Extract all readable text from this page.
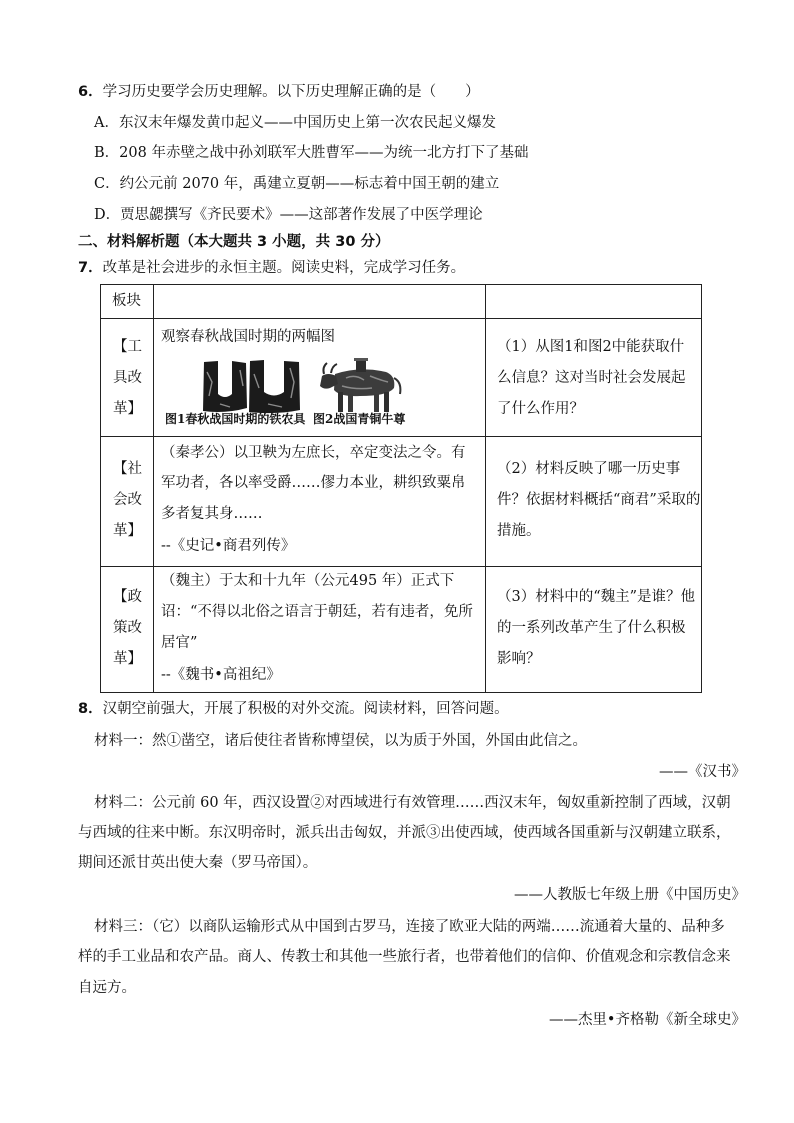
6．学习历史要学会历史理解。以下历史理解正确的是（　　）
A．东汉末年爆发黄巾起义——中国历史上第一次农民起义爆发
B．208 年赤壁之战中孙刘联军大胜曹军——为统一北方打下了基础
C．约公元前 2070 年，禹建立夏朝——标志着中国王朝的建立
D．贾思勰撰写《齐民要术》——这部著作发展了中医学理论
二、材料解析题（本大题共 3 小题，共 30 分）
7．改革是社会进步的永恒主题。阅读史料，完成学习任务。
板块
【工
具改
革】
观察春秋战国时期的两幅图
图1春秋战国时期的铁农具 图2战国青铜牛尊
（1）从图1和图2中能获取什
么信息？这对当时社会发展起
了什么作用？
【社
会改
革】
（秦孝公）以卫鞅为左庶长，卒定变法之令。有
军功者，各以率受爵……僇力本业，耕织致粟帛
多者复其身……
--《史记•商君列传》
（2）材料反映了哪一历史事
件？依据材料概括“商君”采取的
措施。
【政
策改
革】
（魏主）于太和十九年（公元495 年）正式下
诏：“不得以北俗之语言于朝廷，若有违者，免所
居官”
--《魏书•高祖纪》
（3）材料中的“魏主”是谁？他
的一系列改革产生了什么积极
影响？
8．汉朝空前强大，开展了积极的对外交流。阅读材料，回答问题。
材料一：然①凿空，诸后使往者皆称博望侯，以为质于外国，外国由此信之。
——《汉书》
材料二：公元前 60 年，西汉设置②对西域进行有效管理……西汉末年，匈奴重新控制了西域，汉朝
与西域的往来中断。东汉明帝时，派兵出击匈奴，并派③出使西域，使西域各国重新与汉朝建立联系，
期间还派甘英出使大秦（罗马帝国）。
——人教版七年级上册《中国历史》
材料三：（它）以商队运输形式从中国到古罗马，连接了欧亚大陆的两端……流通着大量的、品种多
样的手工业品和农产品。商人、传教士和其他一些旅行者，也带着他们的信仰、价值观念和宗教信念来
自远方。
——杰里•齐格勒《新全球史》
